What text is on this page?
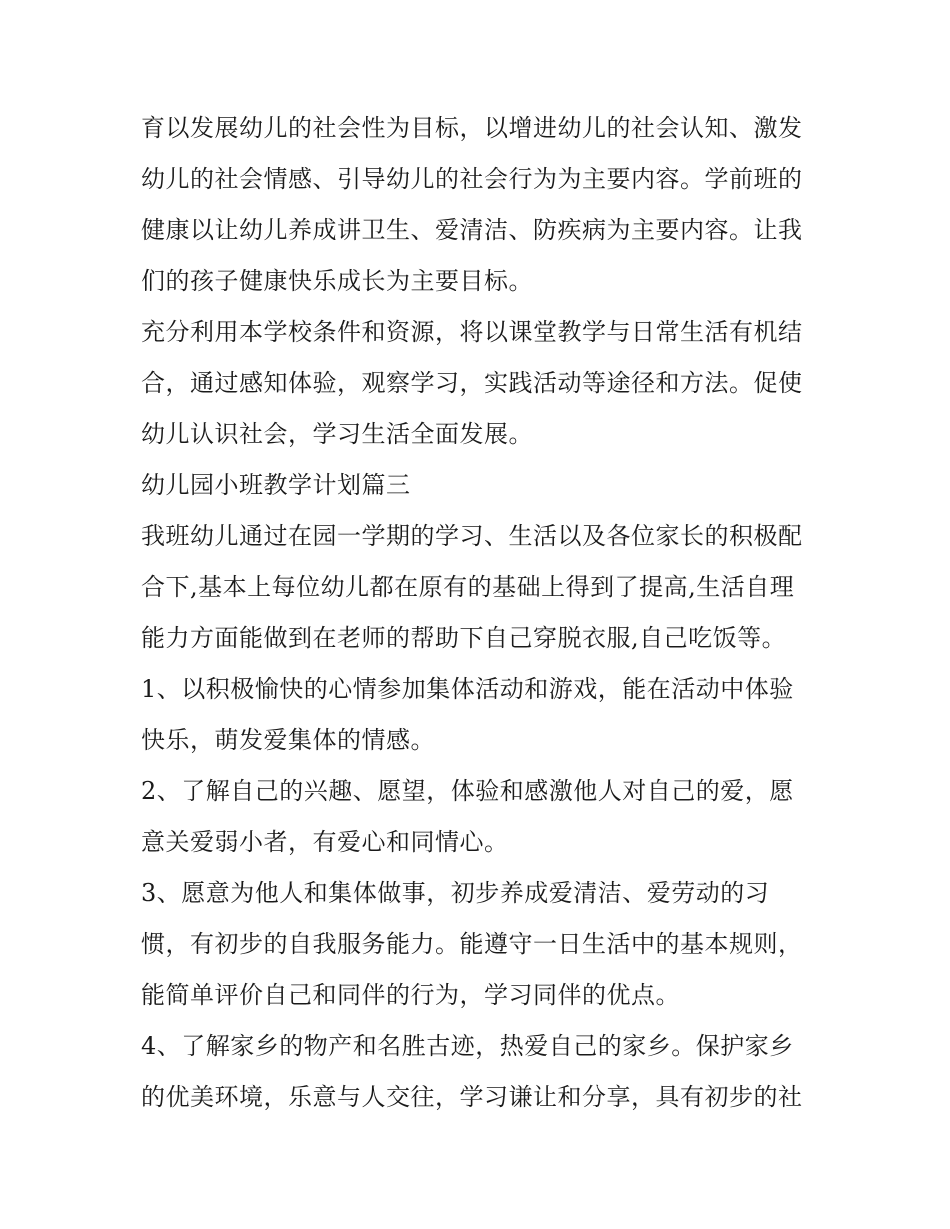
育以发展幼儿的社会性为目标，以增进幼儿的社会认知、激发
幼儿的社会情感、引导幼儿的社会行为为主要内容。学前班的
健康以让幼儿养成讲卫生、爱清洁、防疾病为主要内容。让我
们的孩子健康快乐成长为主要目标。
充分利用本学校条件和资源，将以课堂教学与日常生活有机结
合，通过感知体验，观察学习，实践活动等途径和方法。促使
幼儿认识社会，学习生活全面发展。
幼儿园小班教学计划篇三
我班幼儿通过在园一学期的学习、生活以及各位家长的积极配
合下,基本上每位幼儿都在原有的基础上得到了提高,生活自理
能力方面能做到在老师的帮助下自己穿脱衣服,自己吃饭等。
1、以积极愉快的心情参加集体活动和游戏，能在活动中体验
快乐，萌发爱集体的情感。
2、了解自己的兴趣、愿望，体验和感激他人对自己的爱，愿
意关爱弱小者，有爱心和同情心。
3、愿意为他人和集体做事，初步养成爱清洁、爱劳动的习
惯，有初步的自我服务能力。能遵守一日生活中的基本规则，
能简单评价自己和同伴的行为，学习同伴的优点。
4、了解家乡的物产和名胜古迹，热爱自己的家乡。保护家乡
的优美环境，乐意与人交往，学习谦让和分享，具有初步的社
